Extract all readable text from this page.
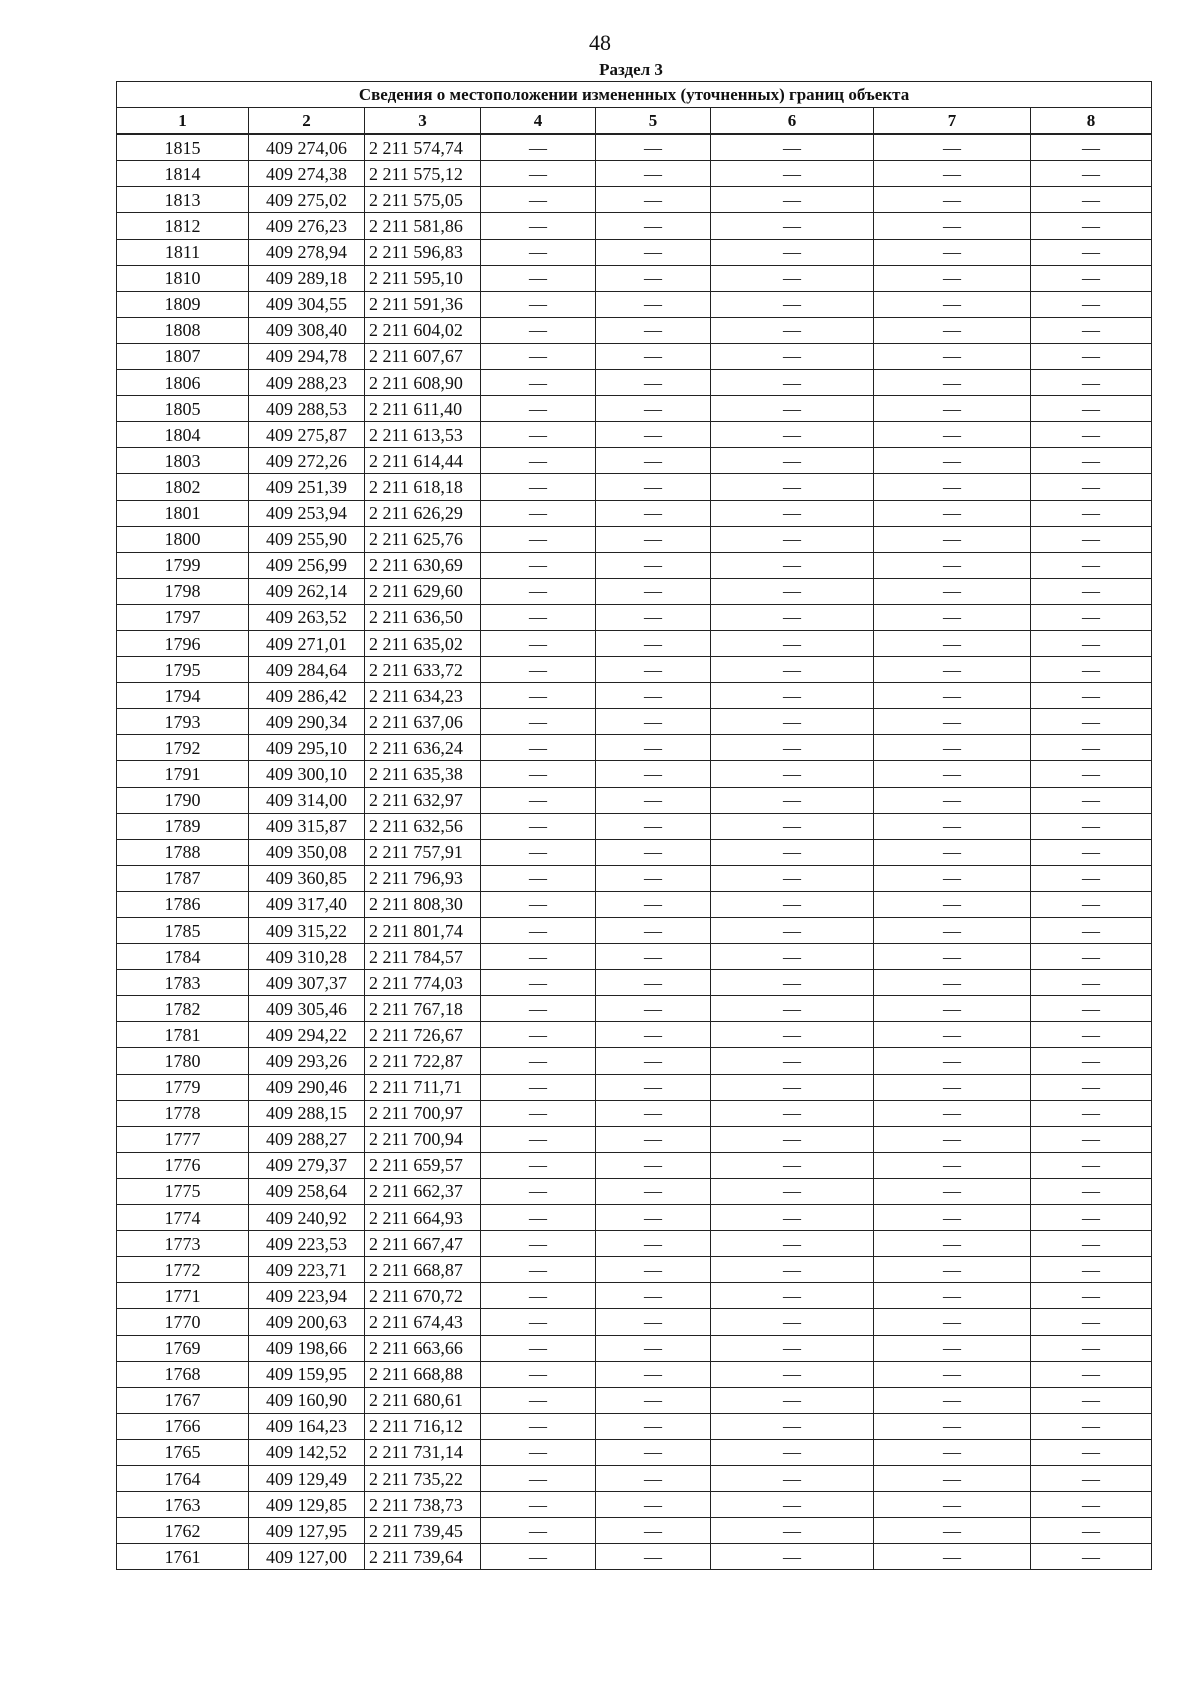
48
Раздел 3
Сведения о местоположении измененных (уточненных) границ объекта							
1	2	3	4	5	6	7	8
1815	409 274,06	2 211 574,74	—	—	—	—	—
1814	409 274,38	2 211 575,12	—	—	—	—	—
1813	409 275,02	2 211 575,05	—	—	—	—	—
1812	409 276,23	2 211 581,86	—	—	—	—	—
1811	409 278,94	2 211 596,83	—	—	—	—	—
1810	409 289,18	2 211 595,10	—	—	—	—	—
1809	409 304,55	2 211 591,36	—	—	—	—	—
1808	409 308,40	2 211 604,02	—	—	—	—	—
1807	409 294,78	2 211 607,67	—	—	—	—	—
1806	409 288,23	2 211 608,90	—	—	—	—	—
1805	409 288,53	2 211 611,40	—	—	—	—	—
1804	409 275,87	2 211 613,53	—	—	—	—	—
1803	409 272,26	2 211 614,44	—	—	—	—	—
1802	409 251,39	2 211 618,18	—	—	—	—	—
1801	409 253,94	2 211 626,29	—	—	—	—	—
1800	409 255,90	2 211 625,76	—	—	—	—	—
1799	409 256,99	2 211 630,69	—	—	—	—	—
1798	409 262,14	2 211 629,60	—	—	—	—	—
1797	409 263,52	2 211 636,50	—	—	—	—	—
1796	409 271,01	2 211 635,02	—	—	—	—	—
1795	409 284,64	2 211 633,72	—	—	—	—	—
1794	409 286,42	2 211 634,23	—	—	—	—	—
1793	409 290,34	2 211 637,06	—	—	—	—	—
1792	409 295,10	2 211 636,24	—	—	—	—	—
1791	409 300,10	2 211 635,38	—	—	—	—	—
1790	409 314,00	2 211 632,97	—	—	—	—	—
1789	409 315,87	2 211 632,56	—	—	—	—	—
1788	409 350,08	2 211 757,91	—	—	—	—	—
1787	409 360,85	2 211 796,93	—	—	—	—	—
1786	409 317,40	2 211 808,30	—	—	—	—	—
1785	409 315,22	2 211 801,74	—	—	—	—	—
1784	409 310,28	2 211 784,57	—	—	—	—	—
1783	409 307,37	2 211 774,03	—	—	—	—	—
1782	409 305,46	2 211 767,18	—	—	—	—	—
1781	409 294,22	2 211 726,67	—	—	—	—	—
1780	409 293,26	2 211 722,87	—	—	—	—	—
1779	409 290,46	2 211 711,71	—	—	—	—	—
1778	409 288,15	2 211 700,97	—	—	—	—	—
1777	409 288,27	2 211 700,94	—	—	—	—	—
1776	409 279,37	2 211 659,57	—	—	—	—	—
1775	409 258,64	2 211 662,37	—	—	—	—	—
1774	409 240,92	2 211 664,93	—	—	—	—	—
1773	409 223,53	2 211 667,47	—	—	—	—	—
1772	409 223,71	2 211 668,87	—	—	—	—	—
1771	409 223,94	2 211 670,72	—	—	—	—	—
1770	409 200,63	2 211 674,43	—	—	—	—	—
1769	409 198,66	2 211 663,66	—	—	—	—	—
1768	409 159,95	2 211 668,88	—	—	—	—	—
1767	409 160,90	2 211 680,61	—	—	—	—	—
1766	409 164,23	2 211 716,12	—	—	—	—	—
1765	409 142,52	2 211 731,14	—	—	—	—	—
1764	409 129,49	2 211 735,22	—	—	—	—	—
1763	409 129,85	2 211 738,73	—	—	—	—	—
1762	409 127,95	2 211 739,45	—	—	—	—	—
1761	409 127,00	2 211 739,64	—	—	—	—	—
